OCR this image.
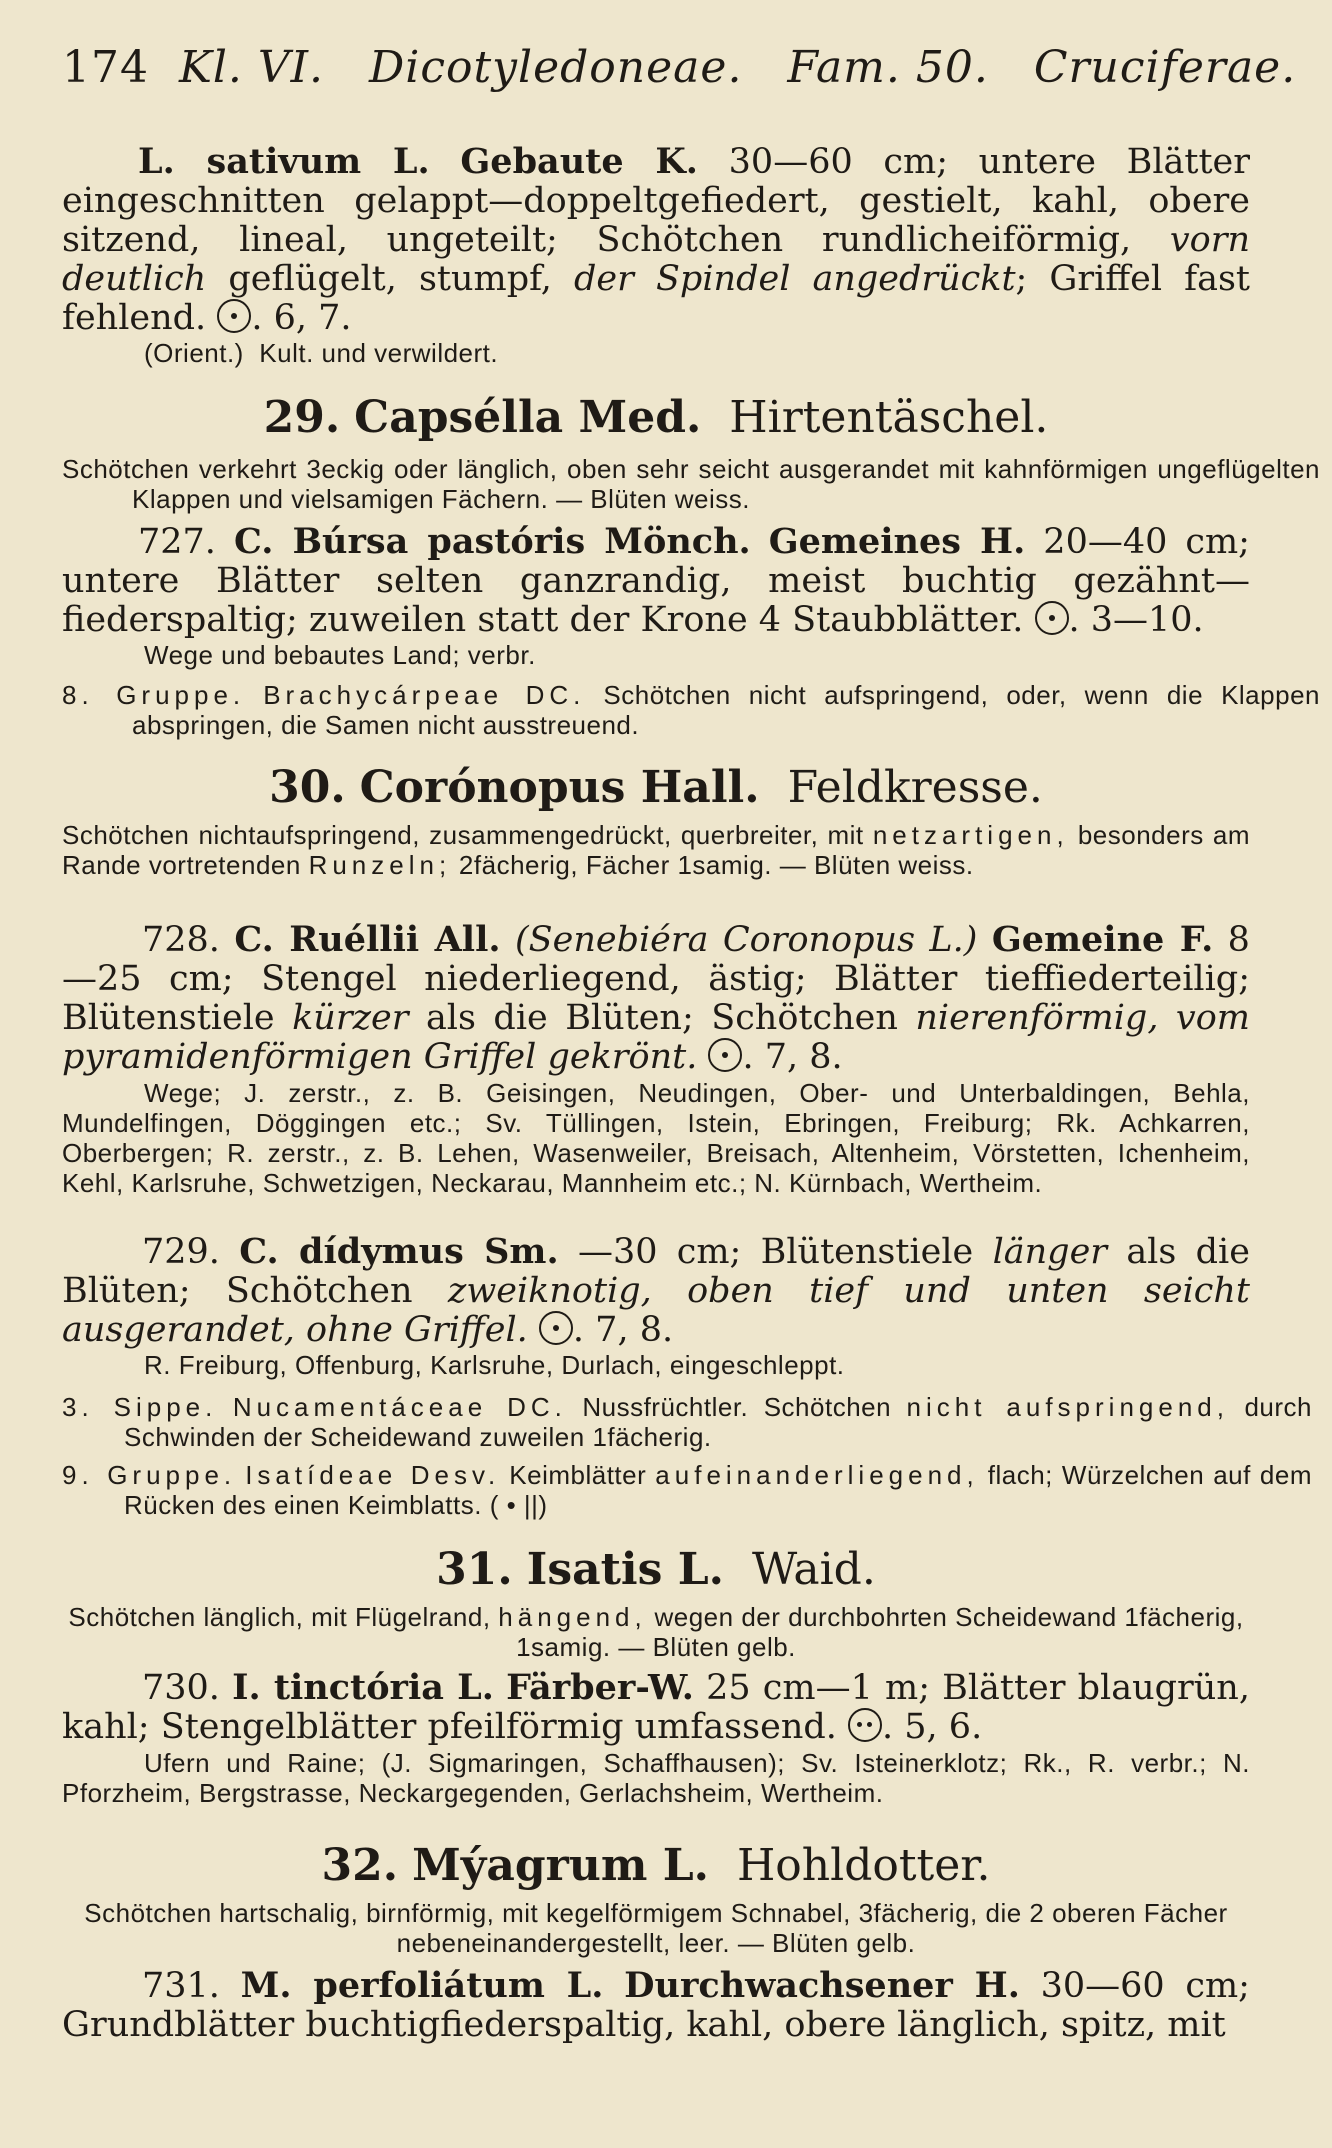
174 Kl. VI. Dicotyledoneae. Fam. 50. Cruciferae.
L. sativum L. Gebaute K. 30—60 cm; untere Blätter eingeschnitten gelappt—doppeltgefiedert, gestielt, kahl, obere sitzend, lineal, ungeteilt; Schötchen rundlicheiförmig, vorn deutlich geflügelt, stumpf, der Spindel angedrückt; Griffel fast fehlend. . 6, 7.
(Orient.) Kult. und verwildert.
29. Capsélla Med. Hirtentäschel.
Schötchen verkehrt 3eckig oder länglich, oben sehr seicht ausgerandet mit kahnförmigen ungeflügelten Klappen und vielsamigen Fächern. — Blüten weiss.
727. C. Búrsa pastóris Mönch. Gemeines H. 20—40 cm; untere Blätter selten ganzrandig, meist buchtig gezähnt—fiederspaltig; zuweilen statt der Krone 4 Staubblätter. . 3—10.
Wege und bebautes Land; verbr.
8. Gruppe. Brachycárpeae DC. Schötchen nicht aufspringend, oder, wenn die Klappen abspringen, die Samen nicht ausstreuend.
30. Corónopus Hall. Feldkresse.
Schötchen nichtaufspringend, zusammengedrückt, querbreiter, mit netzartigen, besonders am Rande vortretenden Runzeln; 2fächerig, Fächer 1samig. — Blüten weiss.
728. C. Ruéllii All. (Senebiéra Coronopus L.) Gemeine F. 8—25 cm; Stengel niederliegend, ästig; Blätter tieffiederteilig; Blütenstiele kürzer als die Blüten; Schötchen nierenförmig, vom pyramidenförmigen Griffel gekrönt. . 7, 8.
Wege; J. zerstr., z. B. Geisingen, Neudingen, Ober- und Unterbaldingen, Behla, Mundelfingen, Döggingen etc.; Sv. Tüllingen, Istein, Ebringen, Freiburg; Rk. Achkarren, Oberbergen; R. zerstr., z. B. Lehen, Wasenweiler, Breisach, Altenheim, Vörstetten, Ichenheim, Kehl, Karlsruhe, Schwetzigen, Neckarau, Mannheim etc.; N. Kürnbach, Wertheim.
729. C. dídymus Sm. —30 cm; Blütenstiele länger als die Blüten; Schötchen zweiknotig, oben tief und unten seicht ausgerandet, ohne Griffel. . 7, 8.
R. Freiburg, Offenburg, Karlsruhe, Durlach, eingeschleppt.
3. Sippe. Nucamentáceae DC. Nussfrüchtler. Schötchen nicht aufspringend, durch Schwinden der Scheidewand zuweilen 1fächerig.
9. Gruppe. Isatídeae Desv. Keimblätter aufeinanderliegend, flach; Würzelchen auf dem Rücken des einen Keimblatts. ( • ||)
31. Isatis L. Waid.
Schötchen länglich, mit Flügelrand, hängend, wegen der durchbohrten Scheidewand 1fächerig, 1samig. — Blüten gelb.
730. I. tinctória L. Färber-W. 25 cm—1 m; Blätter blaugrün, kahl; Stengelblätter pfeilförmig umfassend. . 5, 6.
Ufern und Raine; (J. Sigmaringen, Schaffhausen); Sv. Isteinerklotz; Rk., R. verbr.; N. Pforzheim, Bergstrasse, Neckargegenden, Gerlachsheim, Wertheim.
32. Mýagrum L. Hohldotter.
Schötchen hartschalig, birnförmig, mit kegelförmigem Schnabel, 3fächerig, die 2 oberen Fächer nebeneinandergestellt, leer. — Blüten gelb.
731. M. perfoliátum L. Durchwachsener H. 30—60 cm; Grundblätter buchtigfiederspaltig, kahl, obere länglich, spitz, mit
